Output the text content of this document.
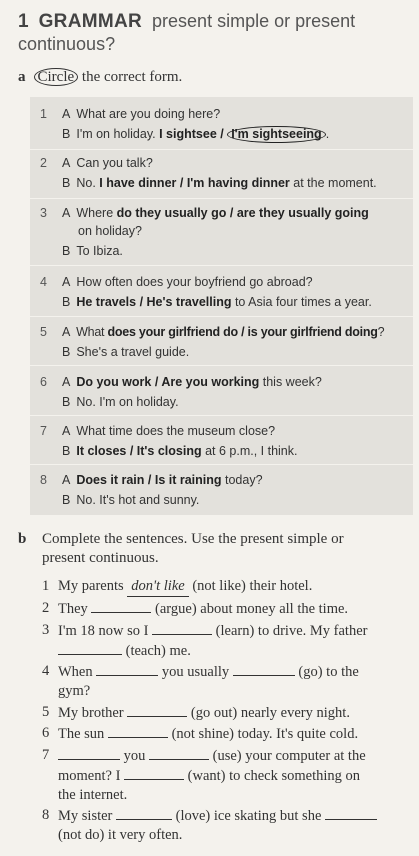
1 GRAMMAR present simple or present
continuous?
a Circle the correct form.
1 A What are you doing here?
B I'm on holiday. I sightsee / I'm sightseeing .
2 A Can you talk?
B No. I have dinner / I'm having dinner at the moment.
3 A Where do they usually go / are they usually going
on holiday?
B To Ibiza.
4 A How often does your boyfriend go abroad?
B He travels / He's travelling to Asia four times a year.
5 A What does your girlfriend do / is your girlfriend doing?
B She's a travel guide.
6 A Do you work / Are you working this week?
B No. I'm on holiday.
7 A What time does the museum close?
B It closes / It's closing at 6 p.m., I think.
8 A Does it rain / Is it raining today?
B No. It's hot and sunny.
b Complete the sentences. Use the present simple or
present continuous.
1 My parents don't like (not like) their hotel.
2 They	(argue) about money all the time.
3 I'm 18 now so I	(learn) to drive. My father
(teach) me.
4 When	you usually	(go) to the
gym?
5 My brother	(go out) nearly every night.
6 The sun	(not shine) today. It's quite cold.
7	you	(use) your computer at the
moment? I	(want) to check something on
the internet.
8 My sister	(love) ice skating but she
(not do) it very often.
